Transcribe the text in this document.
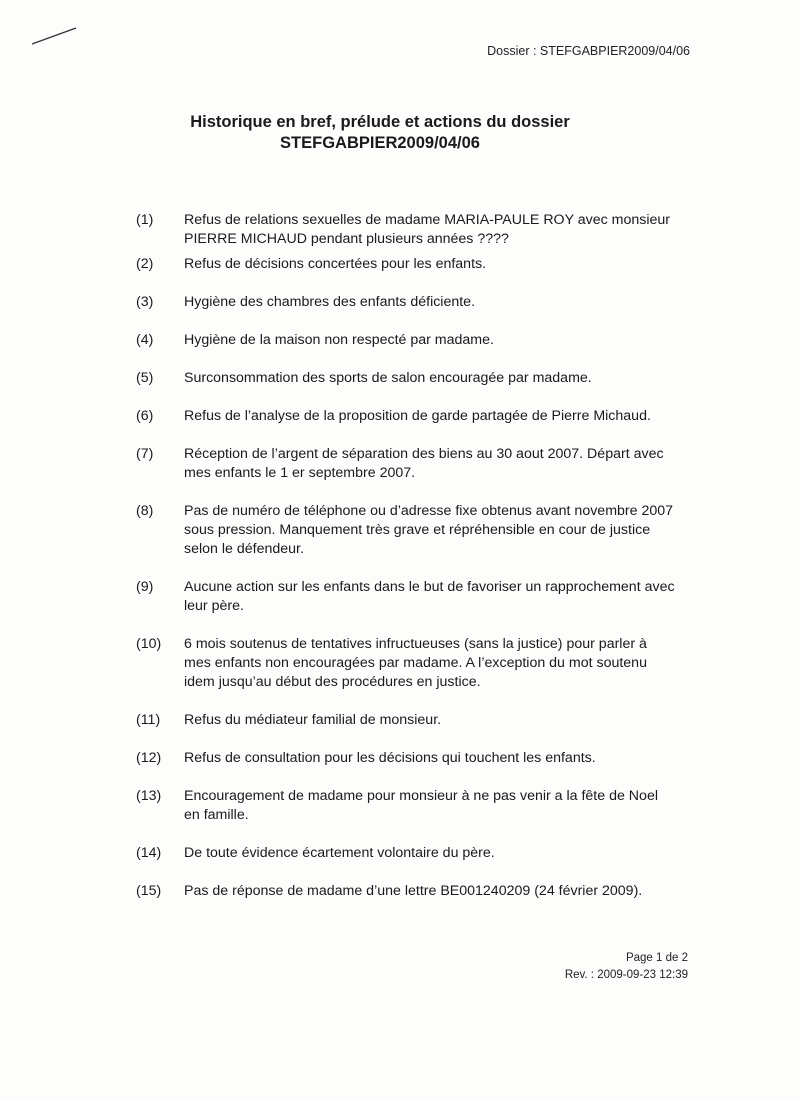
Dossier : STEFGABPIER2009/04/06
Historique en bref, prélude et actions du dossier
STEFGABPIER2009/04/06
(1)	Refus de relations sexuelles de madame MARIA-PAULE ROY avec monsieur PIERRE MICHAUD pendant plusieurs années ????
(2)	Refus de décisions concertées pour les enfants.
(3)	Hygiène des chambres des enfants déficiente.
(4)	Hygiène de la maison non respecté par madame.
(5)	Surconsommation des sports de salon encouragée par madame.
(6)	Refus de l’analyse de la proposition de garde partagée de Pierre Michaud.
(7)	Réception de l’argent de séparation des biens au 30 aout 2007. Départ avec mes enfants le 1 er septembre 2007.
(8)	Pas de numéro de téléphone ou d’adresse fixe obtenus avant novembre 2007 sous pression. Manquement très grave et répréhensible en cour de justice selon le défendeur.
(9)	Aucune action sur les enfants dans le but de favoriser un rapprochement avec leur père.
(10)	6 mois soutenus de tentatives infructueuses (sans la justice) pour parler à mes enfants non encouragées par madame. A l’exception du mot soutenu idem jusqu’au début des procédures en justice.
(11)	Refus du médiateur familial de monsieur.
(12)	Refus de consultation pour les décisions qui touchent les enfants.
(13)	Encouragement de madame pour monsieur à ne pas venir a la fête de Noel en famille.
(14)	De toute évidence écartement volontaire du père.
(15)	Pas de réponse de madame d’une lettre BE001240209 (24 février 2009).
Page 1 de 2
Rev. : 2009-09-23 12:39
